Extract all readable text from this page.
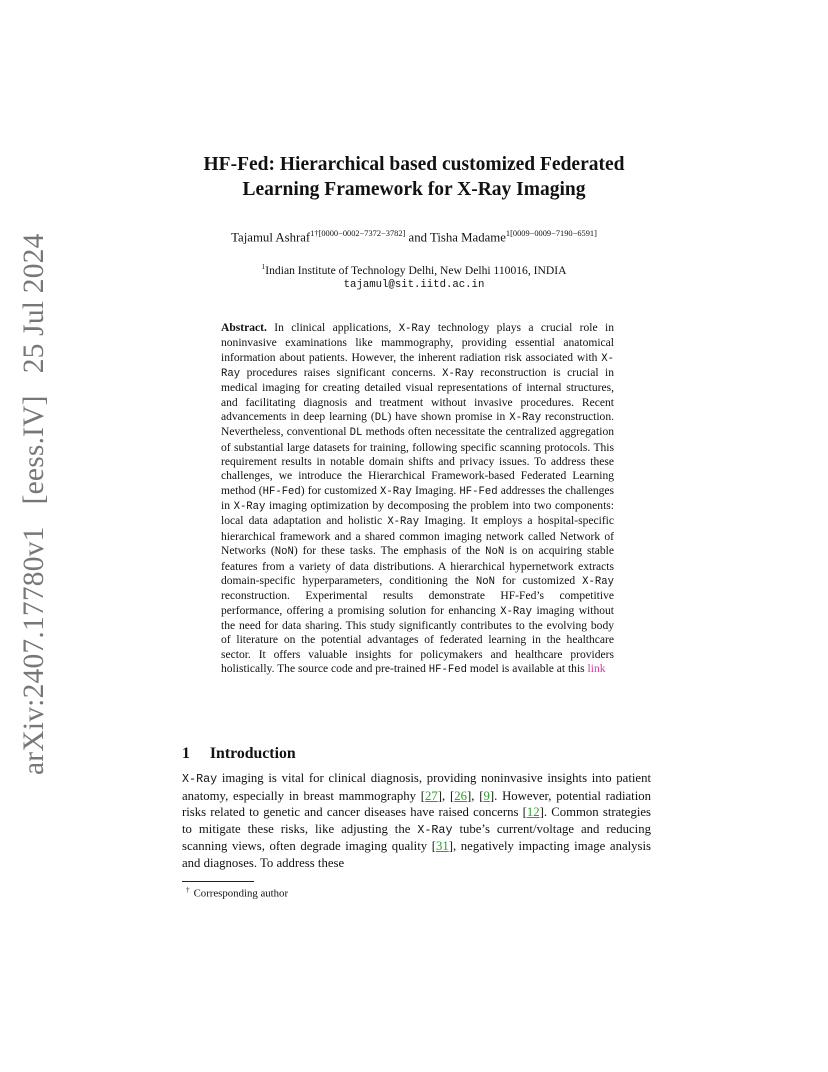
arXiv:2407.17780v1[eess.IV]25 Jul 2024
HF-Fed: Hierarchical based customized Federated
Learning Framework for X-Ray Imaging
Tajamul Ashraf$^{1\dagger[0000-0002-7372-3782]}$ and Tisha Madame$^{1[0009-0009-7190-6591]}$
$^1$Indian Institute of Technology Delhi, New Delhi 110016, INDIA
tajamul@sit.iitd.ac.in
Abstract. In clinical applications, X-Ray technology plays a crucial role in noninvasive examinations like mammography, providing essential anatomical information about patients. However, the inherent radiation risk associated with X-Ray procedures raises significant concerns. X-Ray reconstruction is crucial in medical imaging for creating detailed visual representations of internal structures, and facilitating diagnosis and treatment without invasive procedures. Recent advancements in deep learning (DL) have shown promise in X-Ray reconstruction. Nevertheless, conventional DL methods often necessitate the centralized aggregation of substantial large datasets for training, following specific scanning protocols. This requirement results in notable domain shifts and privacy issues. To address these challenges, we introduce the Hierarchical Framework-based Federated Learning method (HF-Fed) for customized X-Ray Imaging. HF-Fed addresses the challenges in X-Ray imaging optimization by decomposing the problem into two components: local data adaptation and holistic X-Ray Imaging. It employs a hospital-specific hierarchical framework and a shared common imaging network called Network of Networks (NoN) for these tasks. The emphasis of the NoN is on acquiring stable features from a variety of data distributions. A hierarchical hypernetwork extracts domain-specific hyperparameters, conditioning the NoN for customized X-Ray reconstruction. Experimental results demonstrate HF-Fed’s competitive performance, offering a promising solution for enhancing X-Ray imaging without the need for data sharing. This study significantly contributes to the evolving body of literature on the potential advantages of federated learning in the healthcare sector. It offers valuable insights for policymakers and healthcare providers holistically. The source code and pre-trained HF-Fed model is available at this link
1 Introduction
X-Ray imaging is vital for clinical diagnosis, providing noninvasive insights into patient anatomy, especially in breast mammography [27], [26], [9]. However, potential radiation risks related to genetic and cancer diseases have raised concerns [12]. Common strategies to mitigate these risks, like adjusting the X-Ray tube’s current/voltage and reducing scanning views, often degrade imaging quality [31], negatively impacting image analysis and diagnoses. To address these
† Corresponding author
